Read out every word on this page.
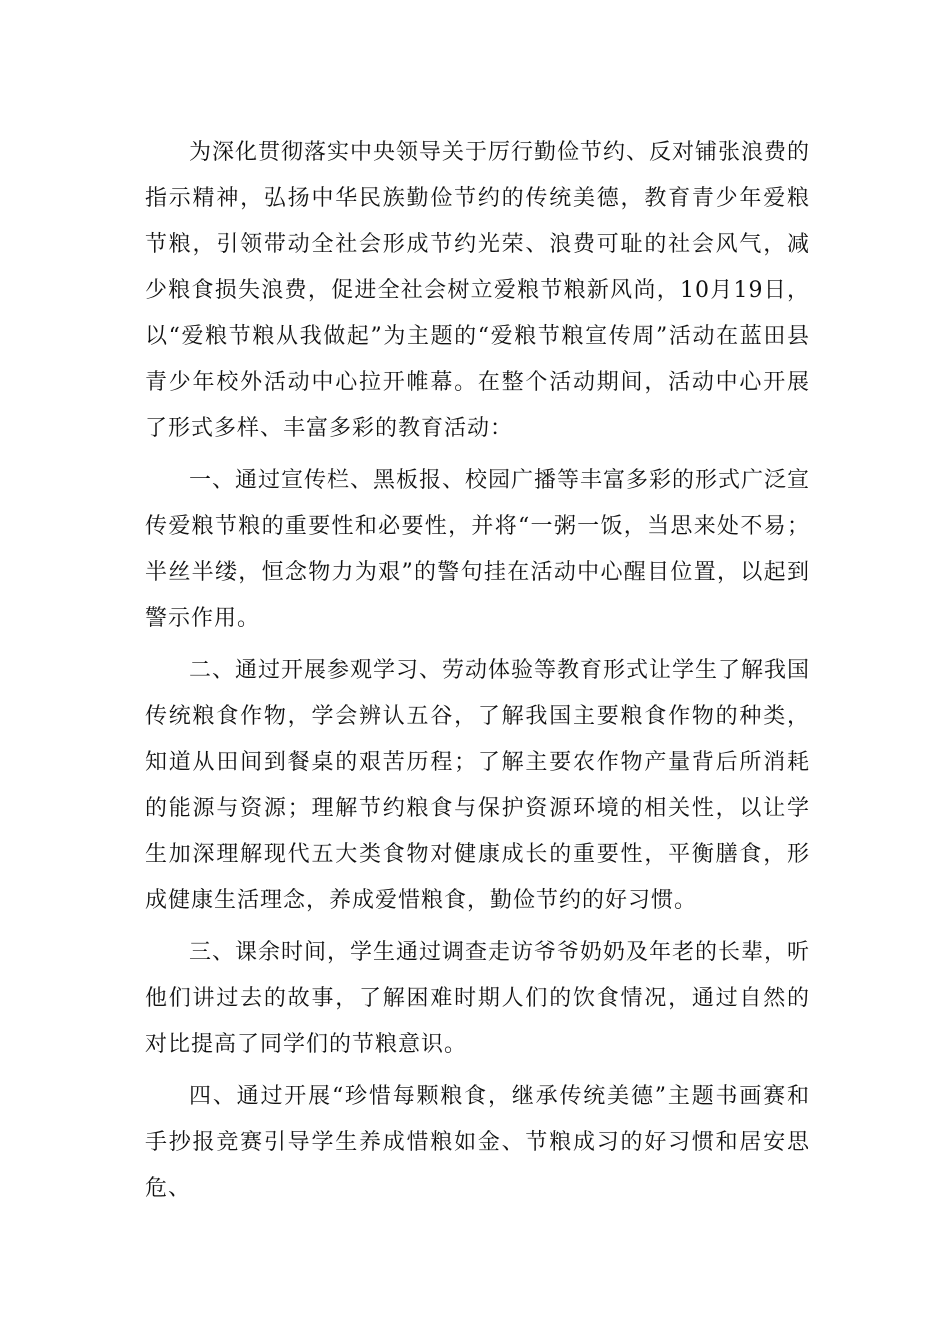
为深化贯彻落实中央领导关于厉行勤俭节约、反对铺张浪费的指示精神，弘扬中华民族勤俭节约的传统美德，教育青少年爱粮节粮，引领带动全社会形成节约光荣、浪费可耻的社会风气，减少粮食损失浪费，促进全社会树立爱粮节粮新风尚，10月19日，以“爱粮节粮从我做起”为主题的“爱粮节粮宣传周”活动在蓝田县青少年校外活动中心拉开帷幕。在整个活动期间，活动中心开展了形式多样、丰富多彩的教育活动：

一、通过宣传栏、黑板报、校园广播等丰富多彩的形式广泛宣传爱粮节粮的重要性和必要性，并将“一粥一饭，当思来处不易；半丝半缕，恒念物力为艰”的警句挂在活动中心醒目位置，以起到警示作用。

二、通过开展参观学习、劳动体验等教育形式让学生了解我国传统粮食作物，学会辨认五谷，了解我国主要粮食作物的种类，知道从田间到餐桌的艰苦历程；了解主要农作物产量背后所消耗的能源与资源；理解节约粮食与保护资源环境的相关性，以让学生加深理解现代五大类食物对健康成长的重要性，平衡膳食，形成健康生活理念，养成爱惜粮食，勤俭节约的好习惯。

三、课余时间，学生通过调查走访爷爷奶奶及年老的长辈，听他们讲过去的故事，了解困难时期人们的饮食情况，通过自然的对比提高了同学们的节粮意识。

四、通过开展“珍惜每颗粮食，继承传统美德”主题书画赛和手抄报竞赛引导学生养成惜粮如金、节粮成习的好习惯和居安思危、
